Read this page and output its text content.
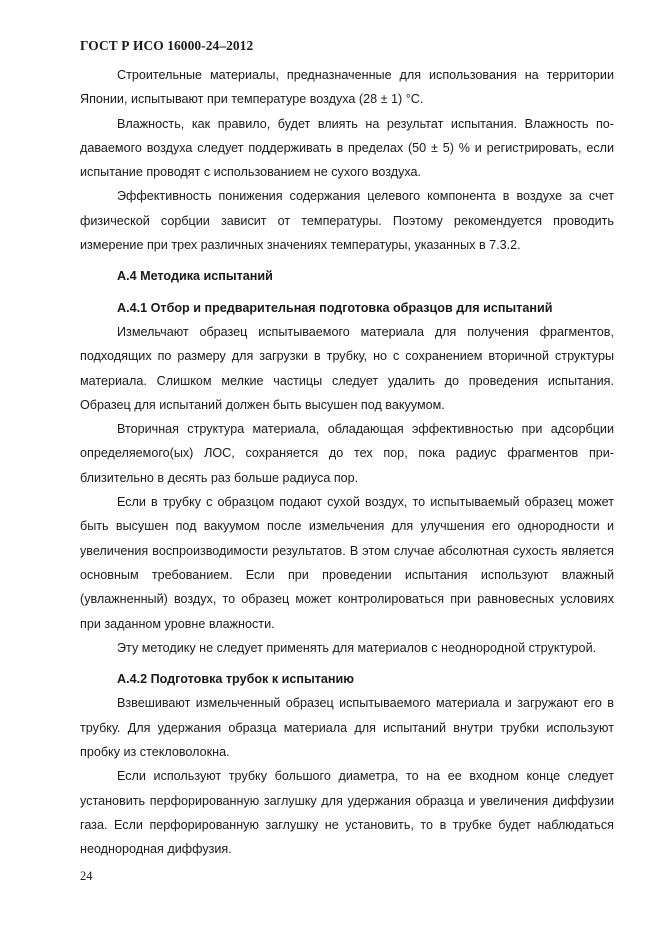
ГОСТ Р ИСО 16000-24–2012

Строительные материалы, предназначенные для использования на территории Японии, испытывают при температуре воздуха (28 ± 1) °С.

Влажность, как правило, будет влиять на результат испытания. Влажность подаваемого воздуха следует поддерживать в пределах (50 ± 5) % и регистрировать, если испытание проводят с использованием не сухого воздуха.

Эффективность понижения содержания целевого компонента в воздухе за счет физической сорбции зависит от температуры. Поэтому рекомендуется проводить измерение при трех различных значениях температуры, указанных в 7.3.2.

А.4 Методика испытаний

А.4.1 Отбор и предварительная подготовка образцов для испытаний

Измельчают образец испытываемого материала для получения фрагментов, подходящих по размеру для загрузки в трубку, но с сохранением вторичной структуры материала. Слишком мелкие частицы следует удалить до проведения испытания. Образец для испытаний должен быть высушен под вакуумом.

Вторичная структура материала, обладающая эффективностью при адсорбции определяемого(ых) ЛОС, сохраняется до тех пор, пока радиус фрагментов приблизительно в десять раз больше радиуса пор.

Если в трубку с образцом подают сухой воздух, то испытываемый образец может быть высушен под вакуумом после измельчения для улучшения его однородности и увеличения воспроизводимости результатов. В этом случае абсолютная сухость является основным требованием. Если при проведении испытания используют влажный (увлажненный) воздух, то образец может контролироваться при равновесных условиях при заданном уровне влажности.

Эту методику не следует применять для материалов с неоднородной структурой.

А.4.2 Подготовка трубок к испытанию

Взвешивают измельченный образец испытываемого материала и загружают его в трубку. Для удержания образца материала для испытаний внутри трубки используют пробку из стекловолокна.

Если используют трубку большого диаметра, то на ее входном конце следует установить перфорированную заглушку для удержания образца и увеличения диффузии газа. Если перфорированную заглушку не установить, то в трубке будет наблюдаться неоднородная диффузия.

24
